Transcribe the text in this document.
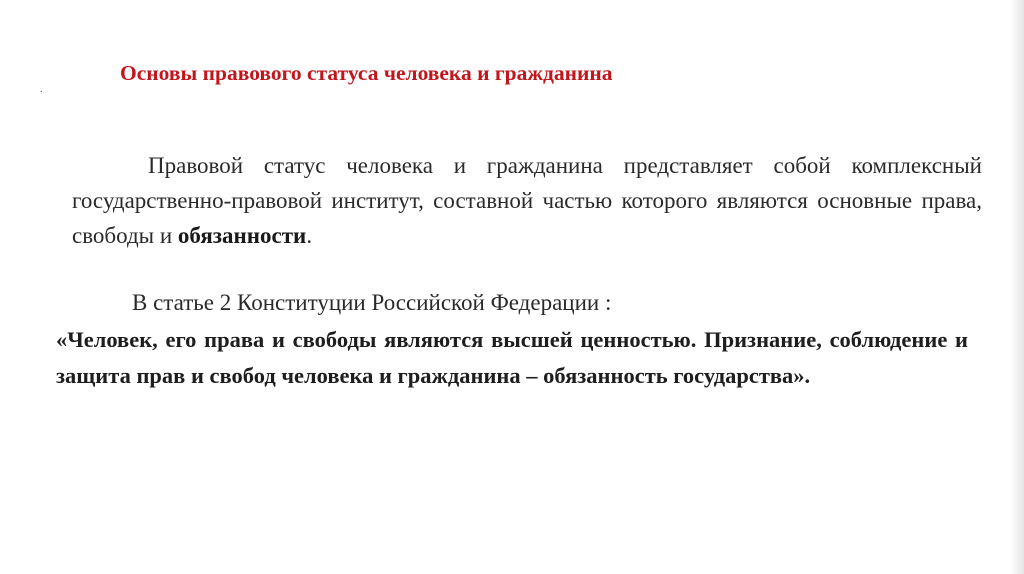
Основы правового статуса человека и гражданина
.
Правовой статус человека и гражданина представляет собой комплексный государственно-правовой институт, составной частью которого являются основные права, свободы и обязанности.
В статье 2 Конституции Российской Федерации :
«Человек, его права и свободы являются высшей ценностью. Признание, соблюдение и защита прав и свобод человека и гражданина – обязанность государства».
